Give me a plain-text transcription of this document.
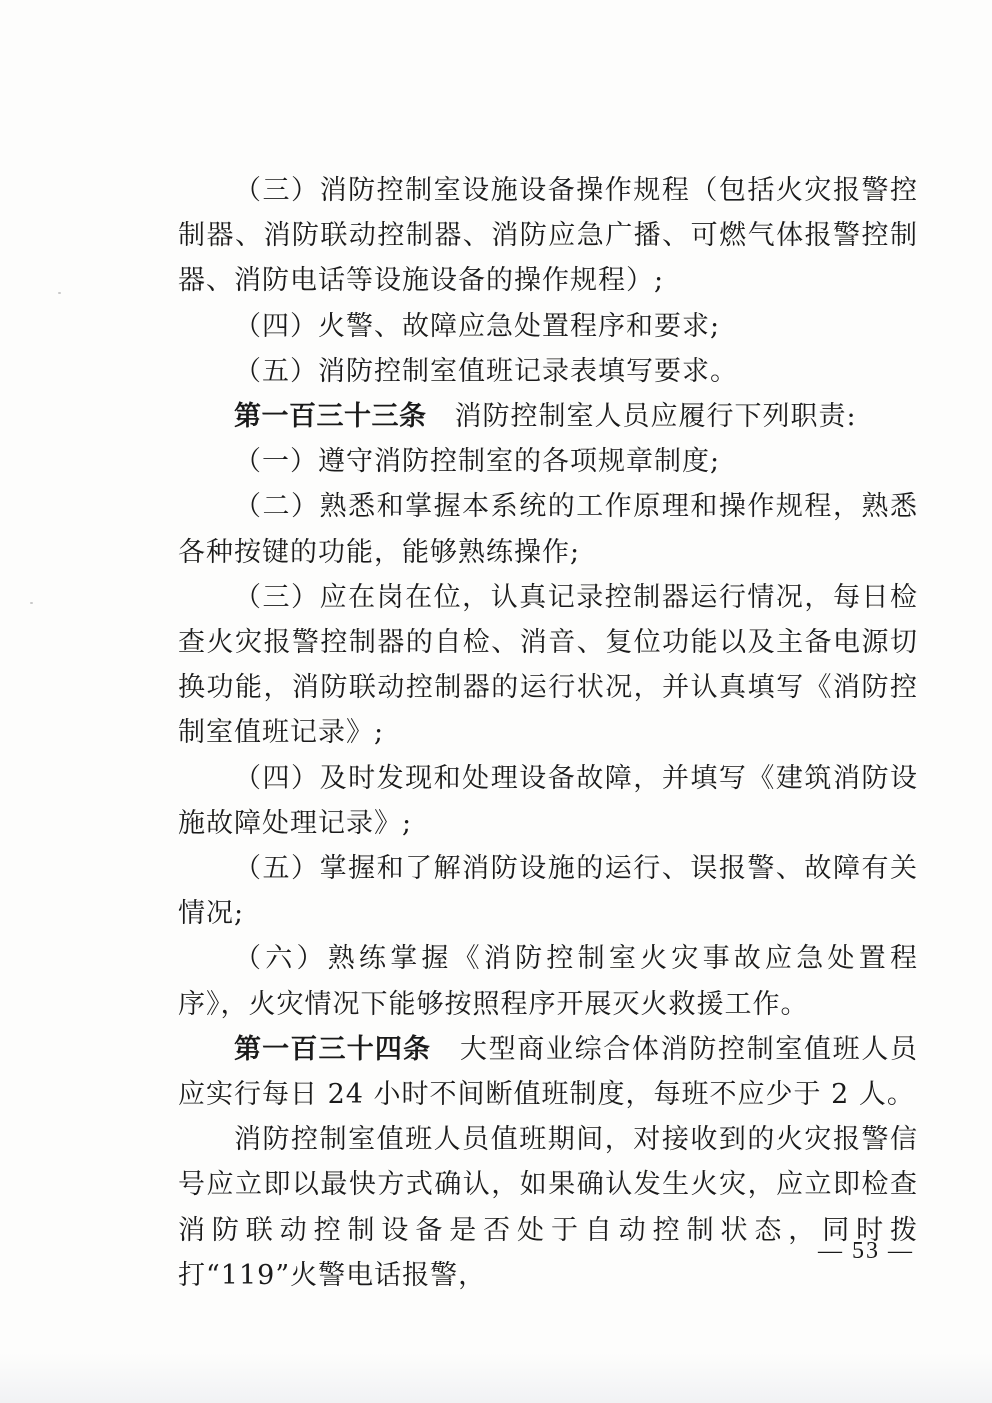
（三）消防控制室设施设备操作规程（包括火灾报警控制器、消防联动控制器、消防应急广播、可燃气体报警控制器、消防电话等设施设备的操作规程）;

（四）火警、故障应急处置程序和要求;

（五）消防控制室值班记录表填写要求。

第一百三十三条　消防控制室人员应履行下列职责:

（一）遵守消防控制室的各项规章制度;

（二）熟悉和掌握本系统的工作原理和操作规程，熟悉各种按键的功能，能够熟练操作;

（三）应在岗在位，认真记录控制器运行情况，每日检查火灾报警控制器的自检、消音、复位功能以及主备电源切换功能，消防联动控制器的运行状况，并认真填写《消防控制室值班记录》;

（四）及时发现和处理设备故障，并填写《建筑消防设施故障处理记录》;

（五）掌握和了解消防设施的运行、误报警、故障有关情况;

（六）熟练掌握《消防控制室火灾事故应急处置程序》，火灾情况下能够按照程序开展灭火救援工作。

第一百三十四条　大型商业综合体消防控制室值班人员应实行每日 24 小时不间断值班制度，每班不应少于 2 人。

消防控制室值班人员值班期间，对接收到的火灾报警信号应立即以最快方式确认，如果确认发生火灾，应立即检查消防联动控制设备是否处于自动控制状态，同时拨打“119”火警电话报警，

— 53 —
